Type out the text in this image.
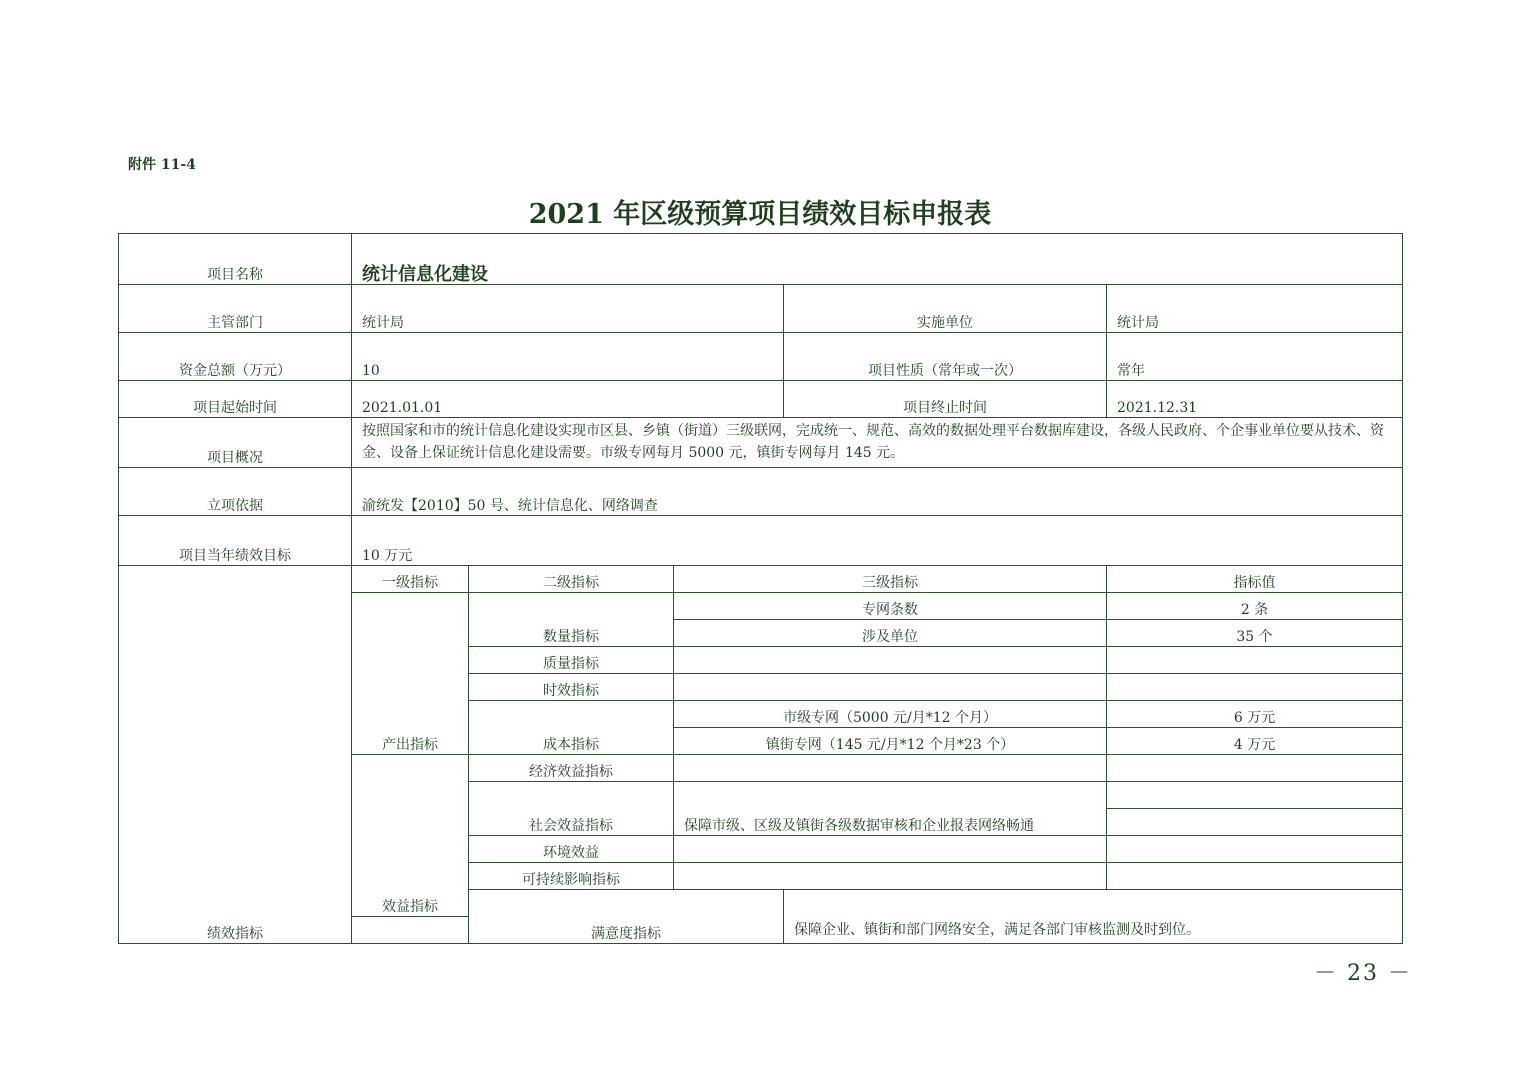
附件 11-4
2021 年区级预算项目绩效目标申报表
项目名称	统计信息化建设					
主管部门	统计局			实施单位	统计局	
资金总额（万元）	10			项目性质（常年或一次）	常年	
项目起始时间	2021.01.01			项目终止时间	2021.12.31	
项目概况	按照国家和市的统计信息化建设实现市区县、乡镇（街道）三级联网，完成统一、规范、高效的数据处理平台数据库建设，各级人民政府、个企事业单位要从技术、资金、设备上保证统计信息化建设需要。市级专网每月 5000 元，镇街专网每月 145 元。					
立项依据	渝统发【2010】50 号、统计信息化、网络调查					
项目当年绩效目标	10 万元					
绩效指标	一级指标	二级指标	三级指标		指标值	
	产出指标	数量指标	专网条数		2 条	
			涉及单位		35 个	
		质量指标				
		时效指标				
		成本指标	市级专网（5000 元/月*12 个月）		6 万元	
			镇街专网（145 元/月*12 个月*23 个）		4 万元	
	效益指标	经济效益指标				
		社会效益指标	保障市级、区级及镇街各级数据审核和企业报表网络畅通			

		环境效益				
		可持续影响指标				
		满意度指标		保障企业、镇街和部门网络安全，满足各部门审核监测及时到位。	

－ 23 －
